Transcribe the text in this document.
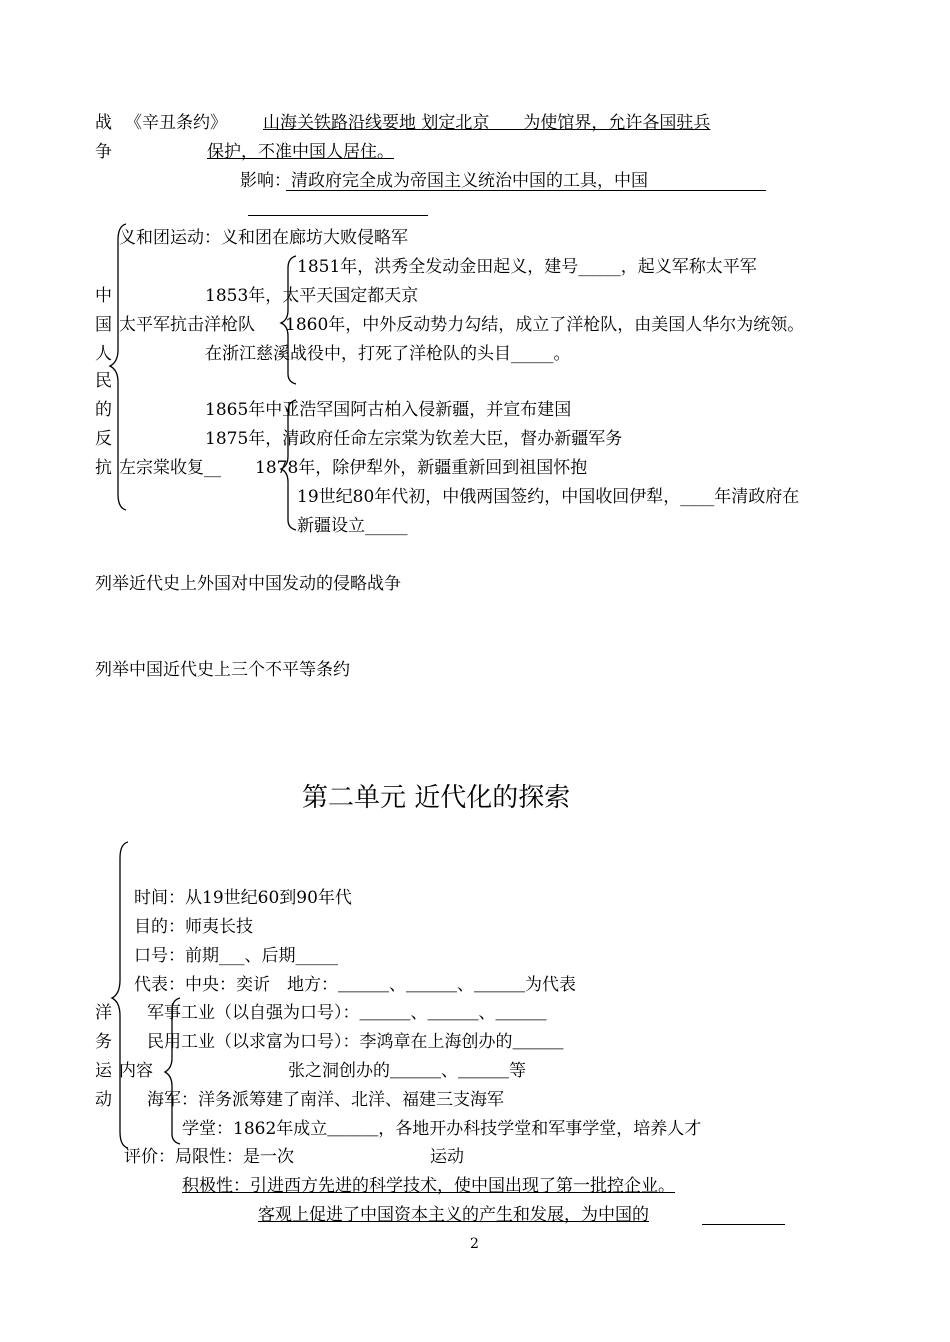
战
争
《辛丑条约》 山海关铁路沿线要地 划定北京　　为使馆界，允许各国驻兵
保护，不准中国人居住。
影响：清政府完全成为帝国主义统治中国的工具，中国
义和团运动：义和团在廊坊大败侵略军
中
国
人
民
的
反
抗
1851年，洪秀全发动金田起义，建号_____，起义军称太平军
1853年，太平天国定都天京
太平军抗击洋枪队 1860年，中外反动势力勾结，成立了洋枪队，由美国人华尔为统领。
在浙江慈溪战役中，打死了洋枪队的头目_____。
1865年中亚浩罕国阿古柏入侵新疆，并宣布建国
1875年，清政府任命左宗棠为钦差大臣，督办新疆军务
左宗棠收复__ 1878年，除伊犁外，新疆重新回到祖国怀抱
19世纪80年代初，中俄两国签约，中国收回伊犁，____年清政府在
新疆设立_____
列举近代史上外国对中国发动的侵略战争
列举中国近代史上三个不平等条约
第二单元 近代化的探索
洋
务
运
动
时间：从19世纪60到90年代
目的：师夷长技
口号：前期___、后期_____
代表：中央：奕䜣　地方：＿＿＿、＿＿＿、＿＿＿为代表
军事工业（以自强为口号）：＿＿＿、＿＿＿、＿＿＿
民用工业（以求富为口号）：李鸿章在上海创办的＿＿＿
内容	张之洞创办的＿＿＿、＿＿＿等
海军：洋务派筹建了南洋、北洋、福建三支海军
学堂：1862年成立＿＿＿，各地开办科技学堂和军事学堂，培养人才
评价：局限性：是一次　　　　　　　　运动
积极性：引进西方先进的科学技术，使中国出现了第一批控企业。
客观上促进了中国资本主义的产生和发展，为中国的
2
